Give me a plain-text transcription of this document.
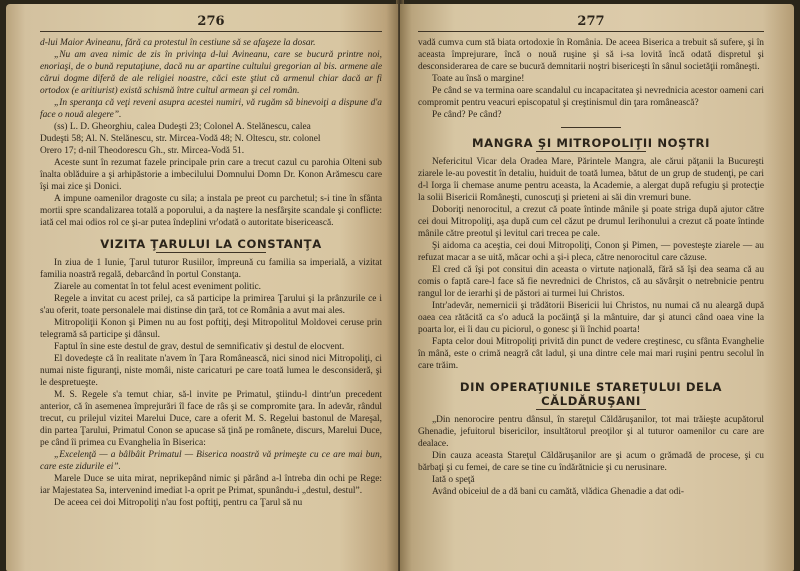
276

d-lui Maior Avineanu, fără ca protestul în cestiune să se afaşeze la dosar.

„Nu am avea nimic de zis în privinţa d-lui Avineanu, care se bucură printre noi, enoriaşi, de o bună reputaţiune, dacă nu ar apartine cultului gregorian al bis. armene ale cărui dogme diferă de ale religiei noastre, căci este ştiut că armenul chiar dacă ar fi ortodox (e aritiurist) există schismă între cultul armean şi cel român.

„In speranţa că veţi reveni asupra acestei numiri, vă rugăm să binevoiţi a dispune d'a face o nouă alegere”.

(ss) L. D. Gheorghiu, calea Dudeşti 23; Colonel A. Stelănescu, calea

Dudeşti 58; Al. N. Stelănescu, str. Mircea-Vodă 48; N. Oltescu, str. colonel

Orero 17; d-nil Theodorescu Gh., str. Mircea-Vodă 51.

Aceste sunt în rezumat fazele principale prin care a trecut cazul cu parohia Olteni sub înalta oblăduire a şi arhipăstorie a imbecilului Domnului Domn Dr. Konon Arămescu care îşi mai zice şi Donici.

A impune oamenilor dragoste cu sila; a instala pe preot cu parchetul; s-i tine în sfânta mortii spre scandalizarea totală a poporului, a da naştere la nesfârşite scandale şi conflicte: iată cel mai odios rol ce şi-ar putea îndeplini vr'odată o autoritate bisericească.

VIZITA ŢARULUI LA CONSTANŢA

In ziua de 1 Iunie, Ţarul tuturor Rusiilor, împreună cu familia sa imperială, a vizitat familia noastră regală, debarcând în portul Constanţa.

Ziarele au comentat în tot felul acest eveniment politic.

Regele a invitat cu acest prilej, ca să participe la primirea Ţarului şi la prânzurile ce i s'au oferit, toate personalele mai distinse din ţară, tot ce România a avut mai ales.

Mitropoliţii Konon şi Pimen nu au fost poftiţi, deşi Mitropolitul Moldovei ceruse prin telegramă să participe şi dânsul.

Faptul în sine este destul de grav, destul de semnificativ şi destul de elocvent.

El dovedeşte că în realitate n'avem în Ţara Românească, nici sinod nici Mitropoliţi, ci numai niste figuranţi, niste momâi, niste caricaturi pe care toată lumea le desconsideră, şi le despretueşte.

M. S. Regele s'a temut chiar, să-l invite pe Primatul, ştiindu-l dintr'un precedent anterior, că în asemenea împrejurări îl face de râs şi se compromite ţara. In adevăr, rândul trecut, cu prilejul vizitei Marelui Duce, care a oferit M. S. Regelui bastonul de Mareşal, din partea Ţarului, Primatul Conon se apucase să ţină pe românete, discurs, Marelui Duce, pe când îi primea cu Evanghelia în Biserica:

„Excelenţă — a bâlbâit Primatul — Biserica noastră vă primeşte cu ce are mai bun, care este zidurile ei”.

Marele Duce se uita mirat, neprikepând nimic şi părând a-l întreba din ochi pe Rege: iar Majestatea Sa, intervenind imediat l-a oprit pe Primat, spunându-i „destul, destul”.

De aceea cei doi Mitropoliţi n'au fost poftiţi, pentru ca Ţarul să nu

277

vadă cumva cum stă biata ortodoxie în România. De aceea Biserica a trebuit să sufere, şi în aceasta împrejurare, încă o nouă ruşine şi să i-sa lovită încă odată dispretul şi desconsiderarea de care se bucură demnitarii noştri bisericeşti în sânul societăţii româneşti.

Toate au însă o margine!

Pe când se va termina oare scandalul cu incapacitatea şi nevrednicia acestor oameni cari compromit pentru veacuri episcopatul şi creştinismul din ţara românească?

Pe când? Pe când?

MANGRA ŞI MITROPOLIŢII NOŞTRI

Nefericitul Vicar dela Oradea Mare, Părintele Mangra, ale cărui păţanii la Bucureşti ziarele le-au povestit în detaliu, huiduit de toată lumea, bătut de un grup de studenţi, pe cari d-l Iorga îi chemase anume pentru aceasta, la Academie, a alergat după refugiu şi protecţie la solii Bisericii Româneşti, cunoscuţi şi prieteni ai săi din vremuri bune.

Doboriţi nenorocitul, a crezut că poate întinde mânile şi poate striga după ajutor către cei doui Mitropoliţi, aşa după cum cel căzut pe drumul Ierihonului a crezut că poate întinde mânile către preotul şi levitul cari trecea pe cale.

Şi aidoma ca aceştia, cei doui Mitropoliţi, Conon şi Pimen, — povesteşte ziarele — au refuzat macar a se uită, măcar ochi a şi-i pleca, către nenorocitul care căzuse.

El cred că îşi pot consitui din aceasta o virtute naţională, fără să îşi dea seama că au comis o faptă care-l face să fie nevrednici de Christos, că au săvârşit o netrebnicie pentru rangul lor de ierarhi şi de păstori ai turmei lui Christos.

Intr'adevăr, nemernicii şi trădătorii Bisericii lui Christos, nu numai că nu aleargă după oaea cea rătăcită ca s'o aducă la pocăinţă şi la mântuire, dar şi atunci când oaea vine la poarta lor, ei îi dau cu piciorul, o gonesc şi îi închid poarta!

Fapta celor doui Mitropoliţi privită din punct de vedere creştinesc, cu sfânta Evanghelie în mână, este o crimă neagră cât ladul, şi una dintre cele mai mari ruşini pentru secolul în care trăim.

DIN OPERAŢIUNILE STAREŢULUI DELA CĂLDĂRUŞANI

„Din nenorocire pentru dânsul, în stareţul Căldăruşanilor, tot mai trăieşte acupătorul Ghenadie, jefuitorul bisericilor, insultătorul preoţilor şi al tuturor oamenilor cu care are dealace.

Din cauza aceasta Stareţul Căldăruşanilor are şi acum o grămadă de procese, şi cu bărbaţi şi cu femei, de care se tine cu îndărătnicie şi cu nerusinare.

Iată o speţă

Având obiceiul de a dă bani cu camătă, vlădica Ghenadie a dat odi-
